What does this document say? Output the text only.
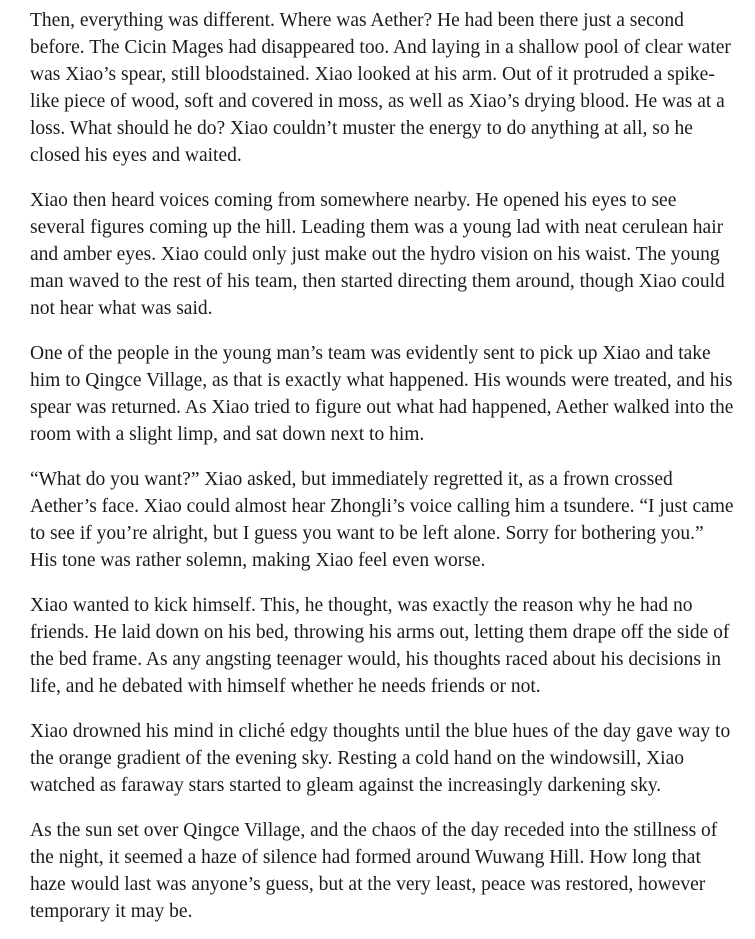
Then, everything was different. Where was Aether? He had been there just a second before. The Cicin Mages had disappeared too. And laying in a shallow pool of clear water was Xiao’s spear, still bloodstained. Xiao looked at his arm. Out of it protruded a spike-like piece of wood, soft and covered in moss, as well as Xiao’s drying blood. He was at a loss. What should he do? Xiao couldn’t muster the energy to do anything at all, so he closed his eyes and waited.

Xiao then heard voices coming from somewhere nearby. He opened his eyes to see several figures coming up the hill. Leading them was a young lad with neat cerulean hair and amber eyes. Xiao could only just make out the hydro vision on his waist. The young man waved to the rest of his team, then started directing them around, though Xiao could not hear what was said.

One of the people in the young man’s team was evidently sent to pick up Xiao and take him to Qingce Village, as that is exactly what happened. His wounds were treated, and his spear was returned. As Xiao tried to figure out what had happened, Aether walked into the room with a slight limp, and sat down next to him.

“What do you want?” Xiao asked, but immediately regretted it, as a frown crossed Aether’s face. Xiao could almost hear Zhongli’s voice calling him a tsundere. “I just came to see if you’re alright, but I guess you want to be left alone. Sorry for bothering you.” His tone was rather solemn, making Xiao feel even worse.

Xiao wanted to kick himself. This, he thought, was exactly the reason why he had no friends. He laid down on his bed, throwing his arms out, letting them drape off the side of the bed frame. As any angsting teenager would, his thoughts raced about his decisions in life, and he debated with himself whether he needs friends or not.

Xiao drowned his mind in cliché edgy thoughts until the blue hues of the day gave way to the orange gradient of the evening sky. Resting a cold hand on the windowsill, Xiao watched as faraway stars started to gleam against the increasingly darkening sky.

As the sun set over Qingce Village, and the chaos of the day receded into the stillness of the night, it seemed a haze of silence had formed around Wuwang Hill. How long that haze would last was anyone’s guess, but at the very least, peace was restored, however temporary it may be.
